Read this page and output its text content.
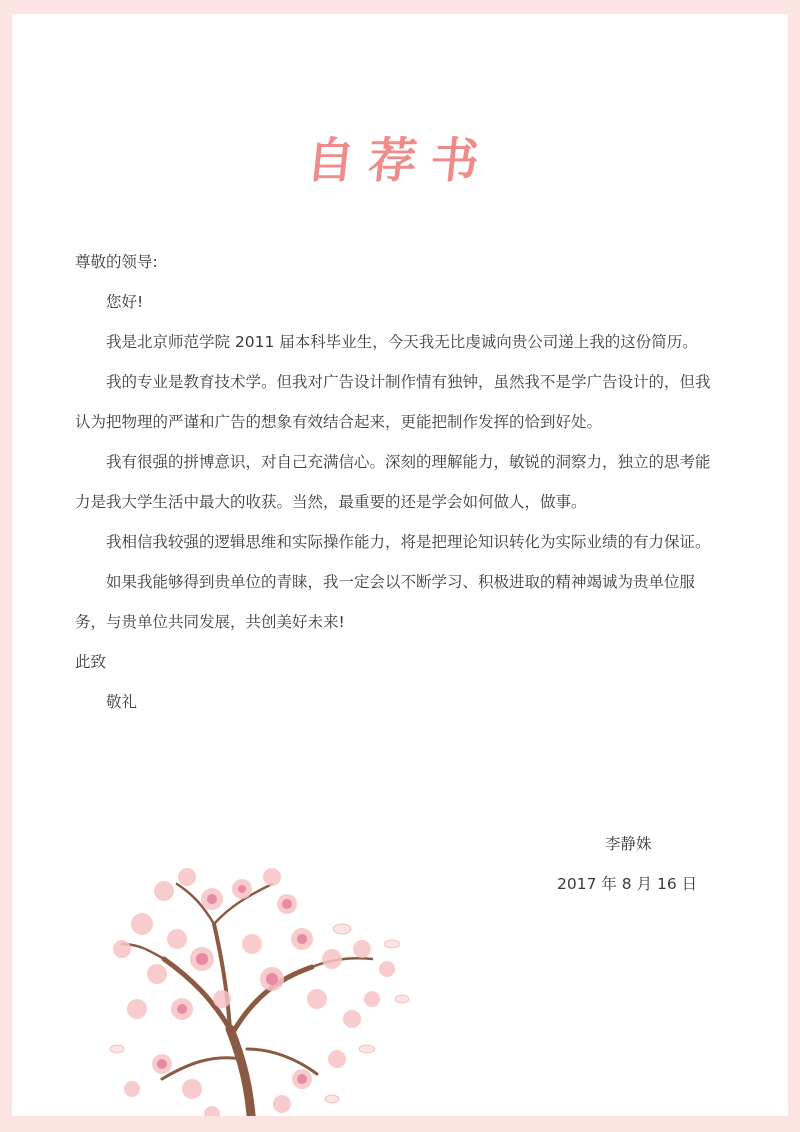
自荐书

尊敬的领导:

您好!

我是北京师范学院 2011 届本科毕业生，今天我无比虔诚向贵公司递上我的这份简历。

我的专业是教育技术学。但我对广告设计制作情有独钟，虽然我不是学广告设计的，但我认为把物理的严谨和广告的想象有效结合起来，更能把制作发挥的恰到好处。

我有很强的拼博意识，对自己充满信心。深刻的理解能力，敏锐的洞察力，独立的思考能力是我大学生活中最大的收获。当然，最重要的还是学会如何做人，做事。

我相信我较强的逻辑思维和实际操作能力，将是把理论知识转化为实际业绩的有力保证。

如果我能够得到贵单位的青睐，我一定会以不断学习、积极进取的精神竭诚为贵单位服务，与贵单位共同发展，共创美好未来!

此致

敬礼

李静姝
2017 年 8 月 16 日
